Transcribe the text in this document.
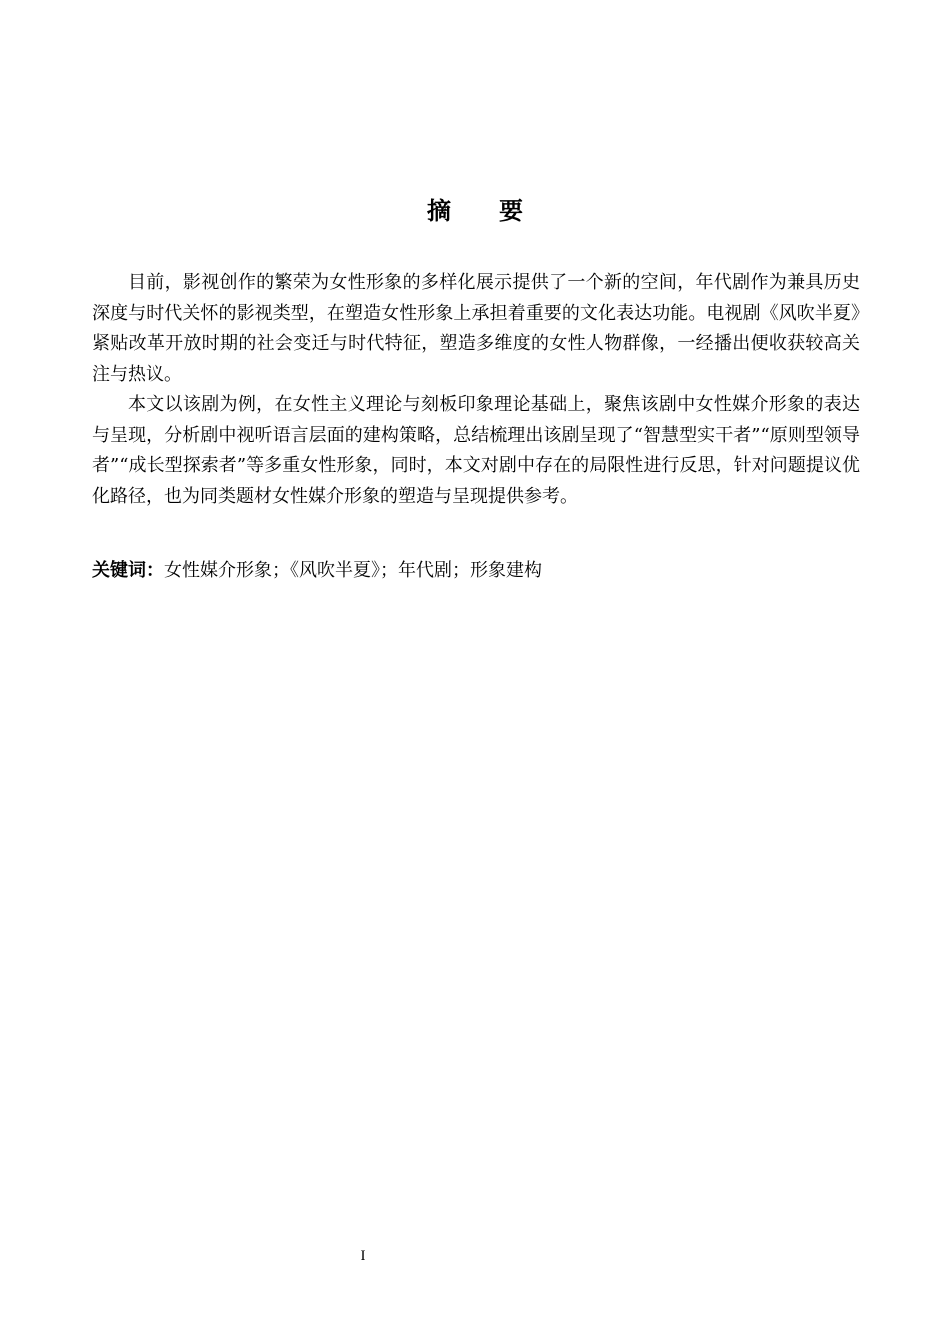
摘 要

目前，影视创作的繁荣为女性形象的多样化展示提供了一个新的空间，年代剧作为兼具历史深度与时代关怀的影视类型，在塑造女性形象上承担着重要的文化表达功能。电视剧《风吹半夏》紧贴改革开放时期的社会变迁与时代特征，塑造多维度的女性人物群像，一经播出便收获较高关注与热议。

本文以该剧为例，在女性主义理论与刻板印象理论基础上，聚焦该剧中女性媒介形象的表达与呈现，分析剧中视听语言层面的建构策略，总结梳理出该剧呈现了“智慧型实干者”“原则型领导者”“成长型探索者”等多重女性形象，同时，本文对剧中存在的局限性进行反思，针对问题提议优化路径，也为同类题材女性媒介形象的塑造与呈现提供参考。

关键词：女性媒介形象；《风吹半夏》；年代剧；形象建构
I
